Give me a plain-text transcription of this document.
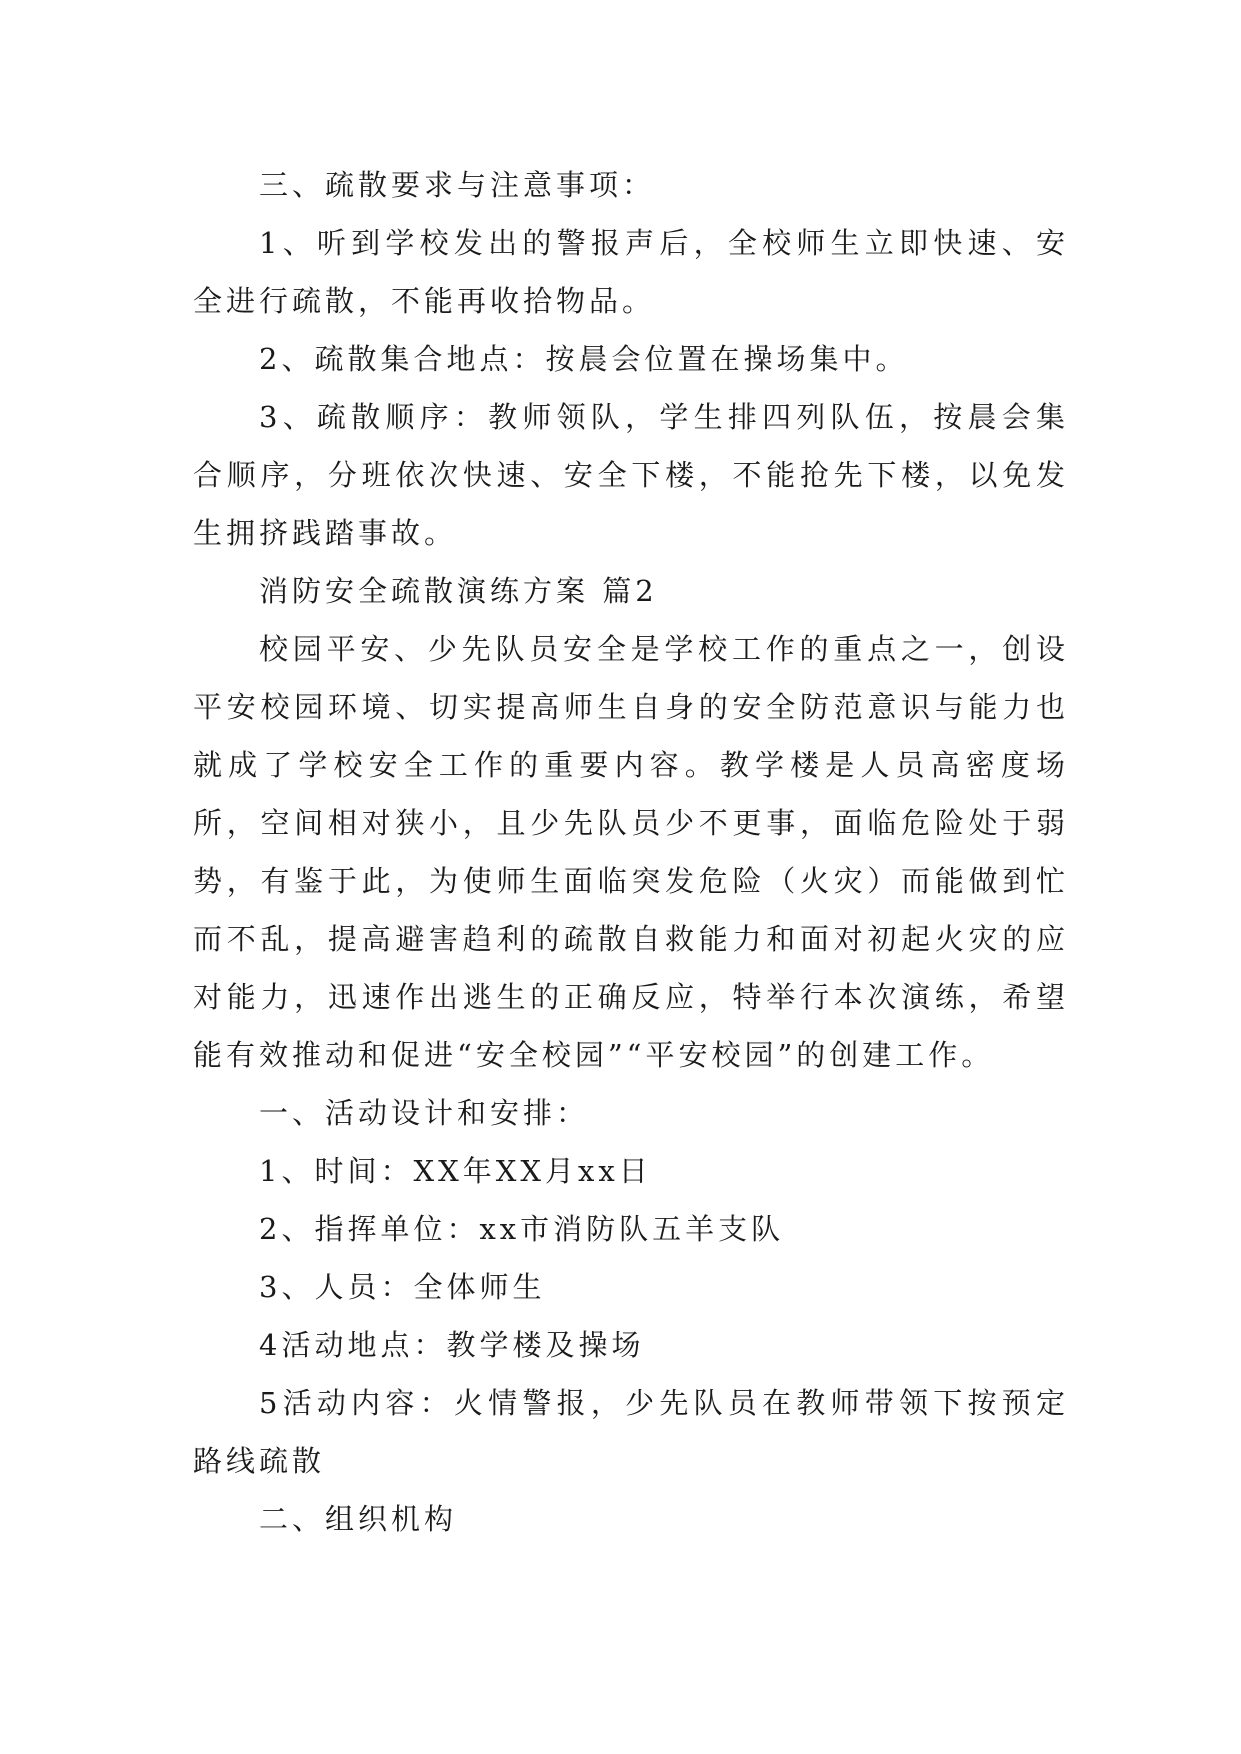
三、疏散要求与注意事项：

1、听到学校发出的警报声后，全校师生立即快速、安全进行疏散，不能再收拾物品。

2、疏散集合地点：按晨会位置在操场集中。

3、疏散顺序：教师领队，学生排四列队伍，按晨会集合顺序，分班依次快速、安全下楼，不能抢先下楼，以免发生拥挤践踏事故。

消防安全疏散演练方案 篇2

校园平安、少先队员安全是学校工作的重点之一，创设平安校园环境、切实提高师生自身的安全防范意识与能力也就成了学校安全工作的重要内容。教学楼是人员高密度场所，空间相对狭小，且少先队员少不更事，面临危险处于弱势，有鉴于此，为使师生面临突发危险（火灾）而能做到忙而不乱，提高避害趋利的疏散自救能力和面对初起火灾的应对能力，迅速作出逃生的正确反应，特举行本次演练，希望能有效推动和促进“安全校园”“平安校园”的创建工作。

一、活动设计和安排：

1、时间：XX年XX月xx日

2、指挥单位：xx市消防队五羊支队

3、人员：全体师生

4活动地点：教学楼及操场

5活动内容：火情警报，少先队员在教师带领下按预定路线疏散

二、组织机构
